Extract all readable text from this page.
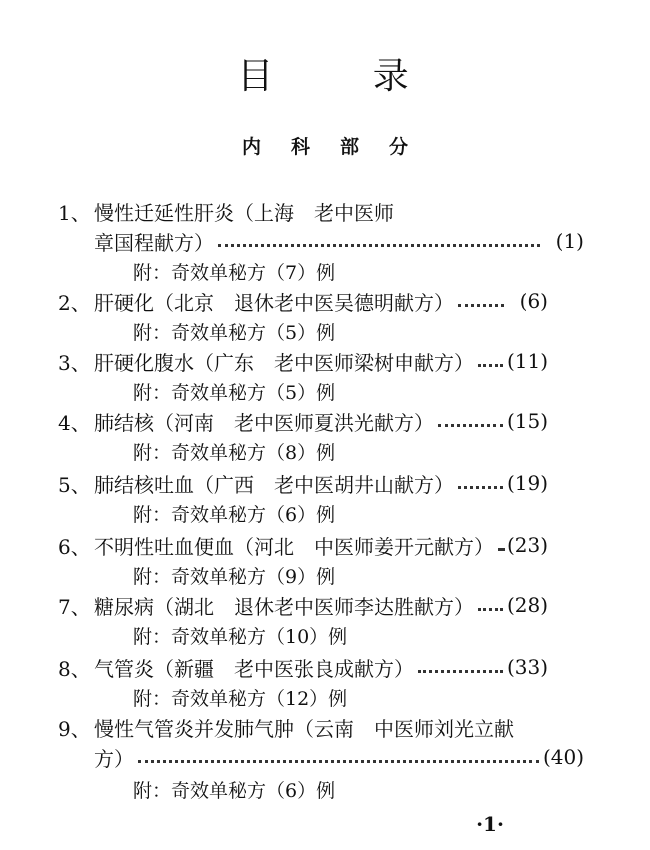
目 录
内科部分
1、 慢性迁延性肝炎（上海　老中医师
章国程献方）	(1)
附：奇效单秘方（7）例
2、 肝硬化（北京　退休老中医吴德明献方）	(6)
附：奇效单秘方（5）例
3、 肝硬化腹水（广东　老中医师梁树申献方） (11)
附：奇效单秘方（5）例
4、 肺结核（河南　老中医师夏洪光献方）	(15)
附：奇效单秘方（8）例
5、 肺结核吐血（广西　老中医胡井山献方）	(19)
附：奇效单秘方（6）例
6、 不明性吐血便血（河北　中医师姜开元献方） (23)
附：奇效单秘方（9）例
7、 糖尿病（湖北　退休老中医师李达胜献方） (28)
附：奇效单秘方（10）例
8、 气管炎（新疆　老中医张良成献方）	(33)
附：奇效单秘方（12）例
9、 慢性气管炎并发肺气肿（云南　中医师刘光立献
方）	(40)
附：奇效单秘方（6）例
·1·
